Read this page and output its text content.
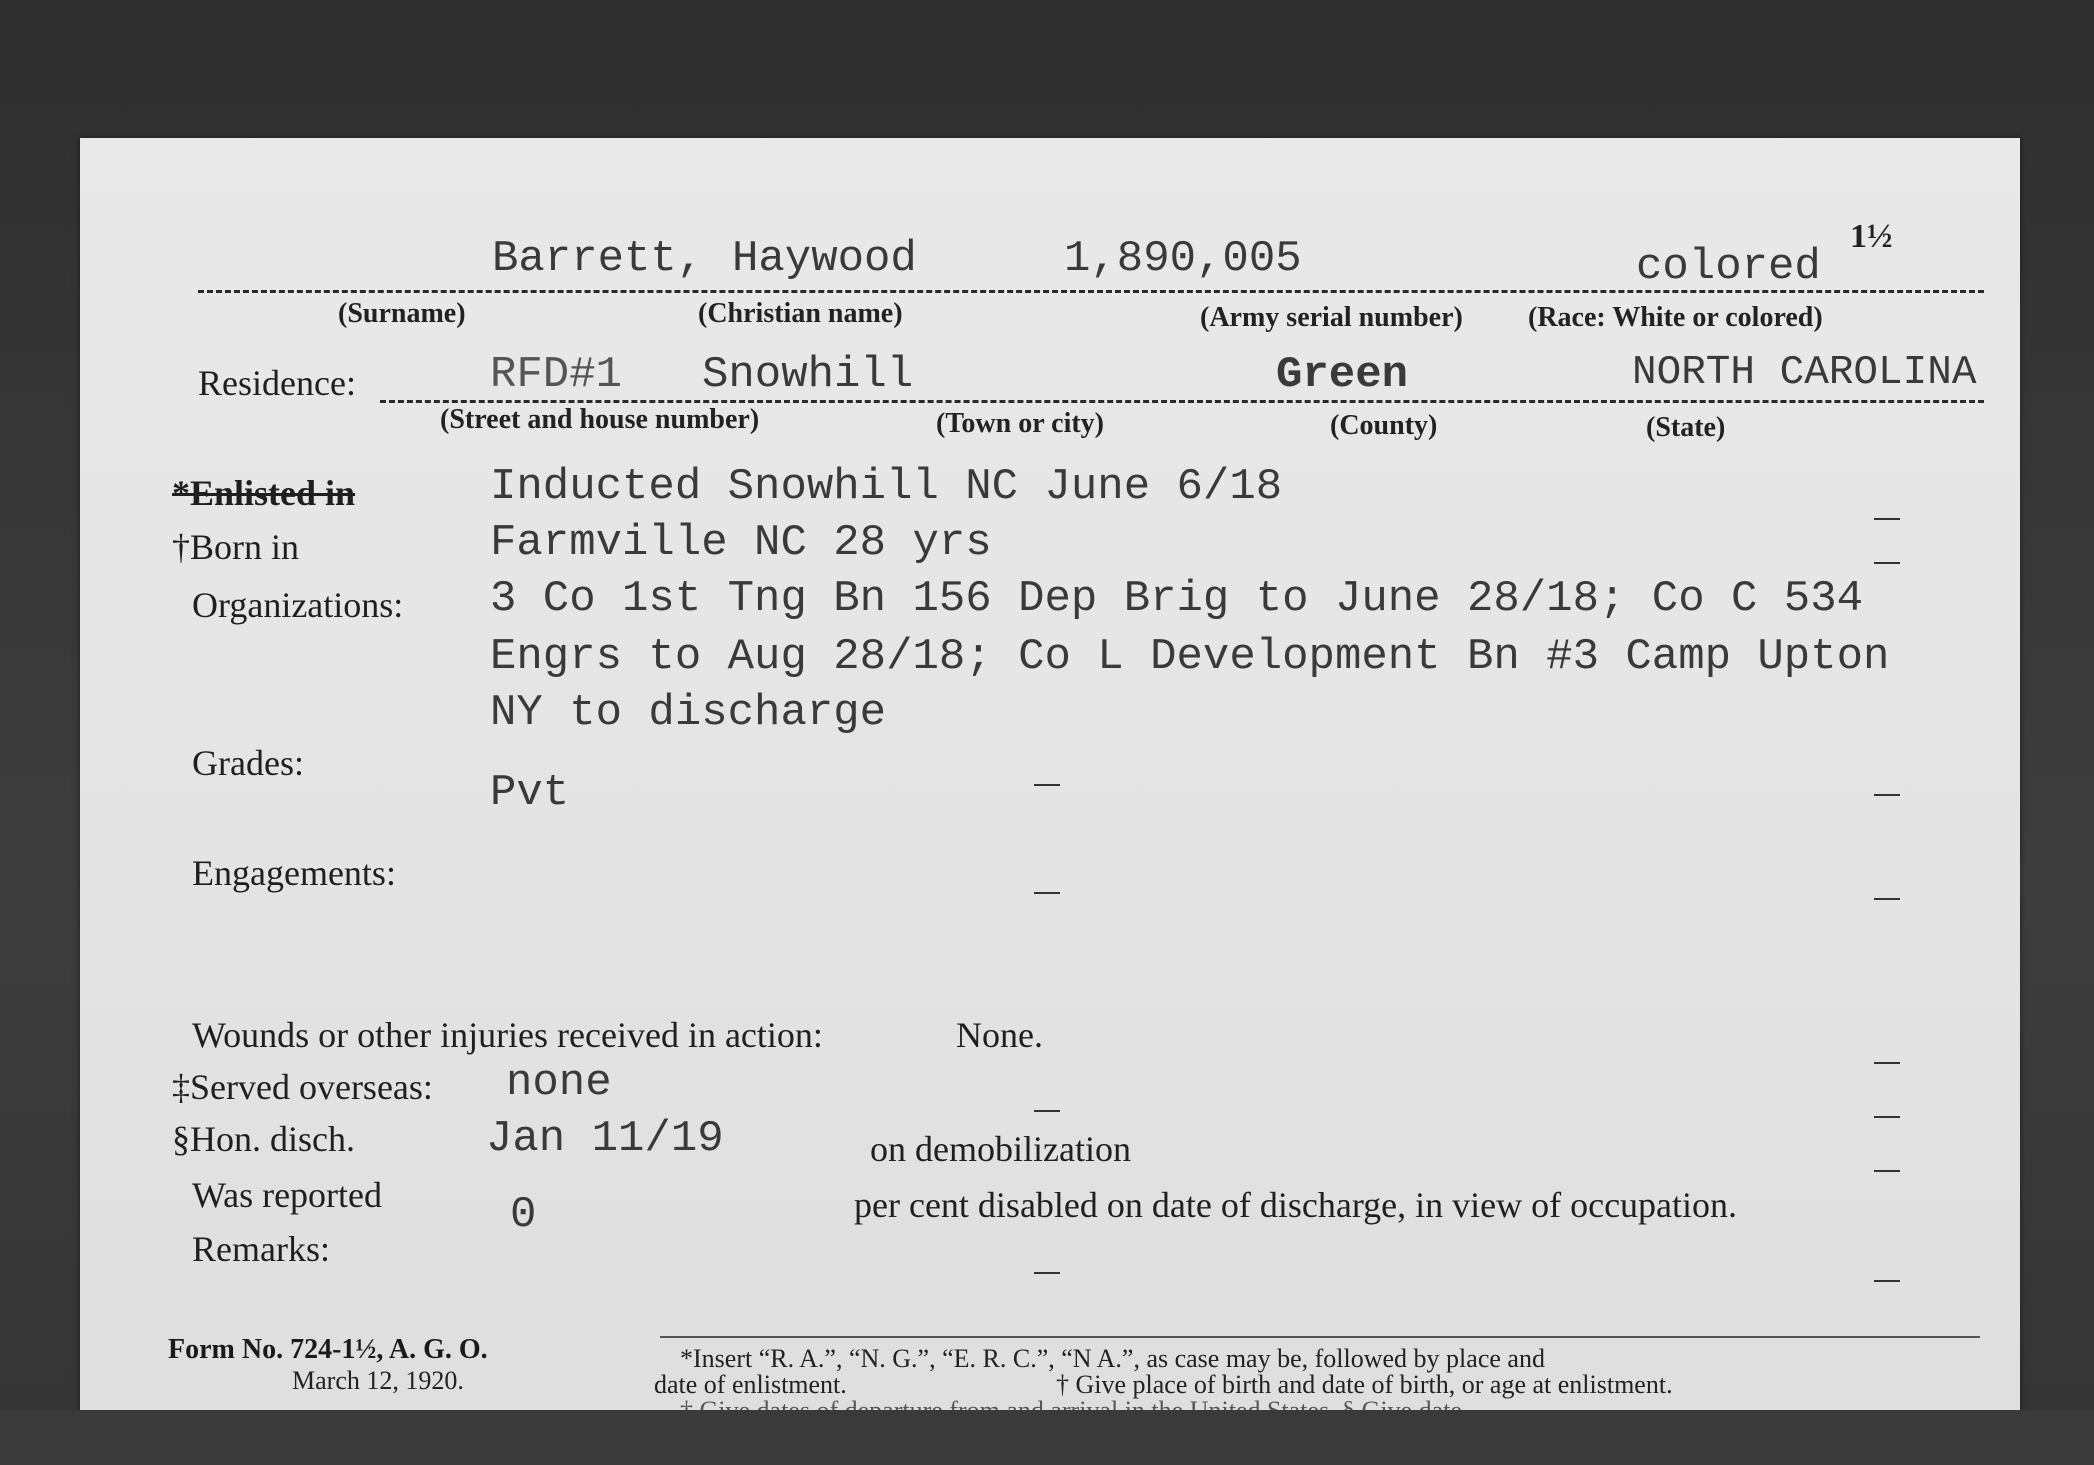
1½
Barrett, Haywood	1,890,005	colored
(Surname)	(Christian name)	(Army serial number) (Race: White or colored)
Residence:	RFD#1 Snowhill	Green	NORTH CAROLINA
(Street and house number)	(Town or city)	(County)	(State)
*Enlisted in	Inducted Snowhill NC June 6/18
†Born in	Farmville NC 28 yrs
Organizations: 3 Co 1st Tng Bn 156 Dep Brig to June 28/18; Co C 534
Engrs to Aug 28/18; Co L Development Bn #3 Camp Upton
NY to discharge
Grades:
Pvt
Engagements:
Wounds or other injuries received in action:	None.
‡Served overseas: none
§Hon. disch.	Jan 11/19	on demobilization
Was reported	0	per cent disabled on date of discharge, in view of occupation.
Remarks:
Form No. 724-1½, A. G. O.
March 12, 1920.
*Insert “R. A.”, “N. G.”, “E. R. C.”, “N A.”, as case may be, followed by place and
date of enlistment.	† Give place of birth and date of birth, or age at enlistment.
